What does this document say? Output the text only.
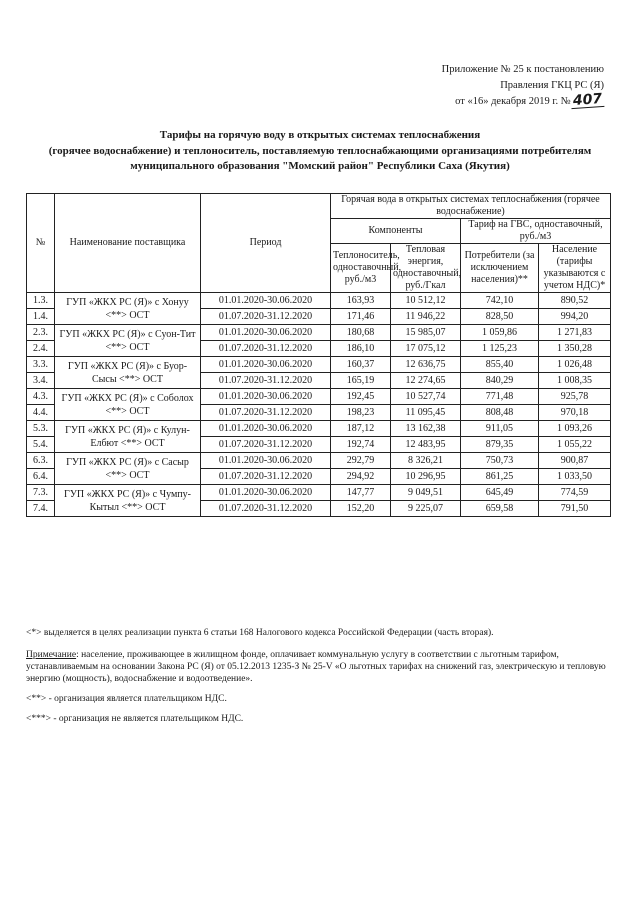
Приложение № 25 к постановлению
Правления ГКЦ РС (Я)
от «16» декабря 2019 г. №407
Тарифы на горячую воду в открытых системах теплоснабжения
(горячее водоснабжение) и теплоноситель, поставляемую теплоснабжающими организациями потребителям
муниципального образования "Момский район" Республики Саха (Якутия)
№	Наименование поставщика	Период	Горячая вода в открытых системах теплоснабжения (горячее водоснабжение)			
			Компоненты		Тариф на ГВС, одноставочный, руб./м3	
			Теплоноситель, одноставочный, руб./м3	Тепловая энергия, одноставочный, руб./Гкал	Потребители (за исключением населения)**	Население (тарифы указываются с учетом НДС)*
1.3.	ГУП «ЖКХ РС (Я)» с Хонуу <**> ОСТ	01.01.2020-30.06.2020	163,93	10 512,12	742,10	890,52
1.4.		01.07.2020-31.12.2020	171,46	11 946,22	828,50	994,20
2.3.	ГУП «ЖКХ РС (Я)» с Суон-Тит <**> ОСТ	01.01.2020-30.06.2020	180,68	15 985,07	1 059,86	1 271,83
2.4.		01.07.2020-31.12.2020	186,10	17 075,12	1 125,23	1 350,28
3.3.	ГУП «ЖКХ РС (Я)» с Буор-Сысы <**> ОСТ	01.01.2020-30.06.2020	160,37	12 636,75	855,40	1 026,48
3.4.		01.07.2020-31.12.2020	165,19	12 274,65	840,29	1 008,35
4.3.	ГУП «ЖКХ РС (Я)» с Соболох <**> ОСТ	01.01.2020-30.06.2020	192,45	10 527,74	771,48	925,78
4.4.		01.07.2020-31.12.2020	198,23	11 095,45	808,48	970,18
5.3.	ГУП «ЖКХ РС (Я)» с Кулун-Елбют <**> ОСТ	01.01.2020-30.06.2020	187,12	13 162,38	911,05	1 093,26
5.4.		01.07.2020-31.12.2020	192,74	12 483,95	879,35	1 055,22
6.3.	ГУП «ЖКХ РС (Я)» с Сасыр <**> ОСТ	01.01.2020-30.06.2020	292,79	8 326,21	750,73	900,87
6.4.		01.07.2020-31.12.2020	294,92	10 296,95	861,25	1 033,50
7.3.	ГУП «ЖКХ РС (Я)» с Чумпу-Кытыл <**> ОСТ	01.01.2020-30.06.2020	147,77	9 049,51	645,49	774,59
7.4.		01.07.2020-31.12.2020	152,20	9 225,07	659,58	791,50

<*> выделяется в целях реализации пункта 6 статьи 168 Налогового кодекса Российской Федерации (часть вторая).

Примечание: население, проживающее в жилищном фонде, оплачивает коммунальную услугу в соответствии с льготным тарифом, устанавливаемым на основании Закона РС (Я) от 05.12.2013 1235-З № 25-V «О льготных тарифах на снижений газ, электрическую и тепловую энергию (мощность), водоснабжение и водоотведение».

<**> - организация является плательщиком НДС.

<***> - организация не является плательщиком НДС.
